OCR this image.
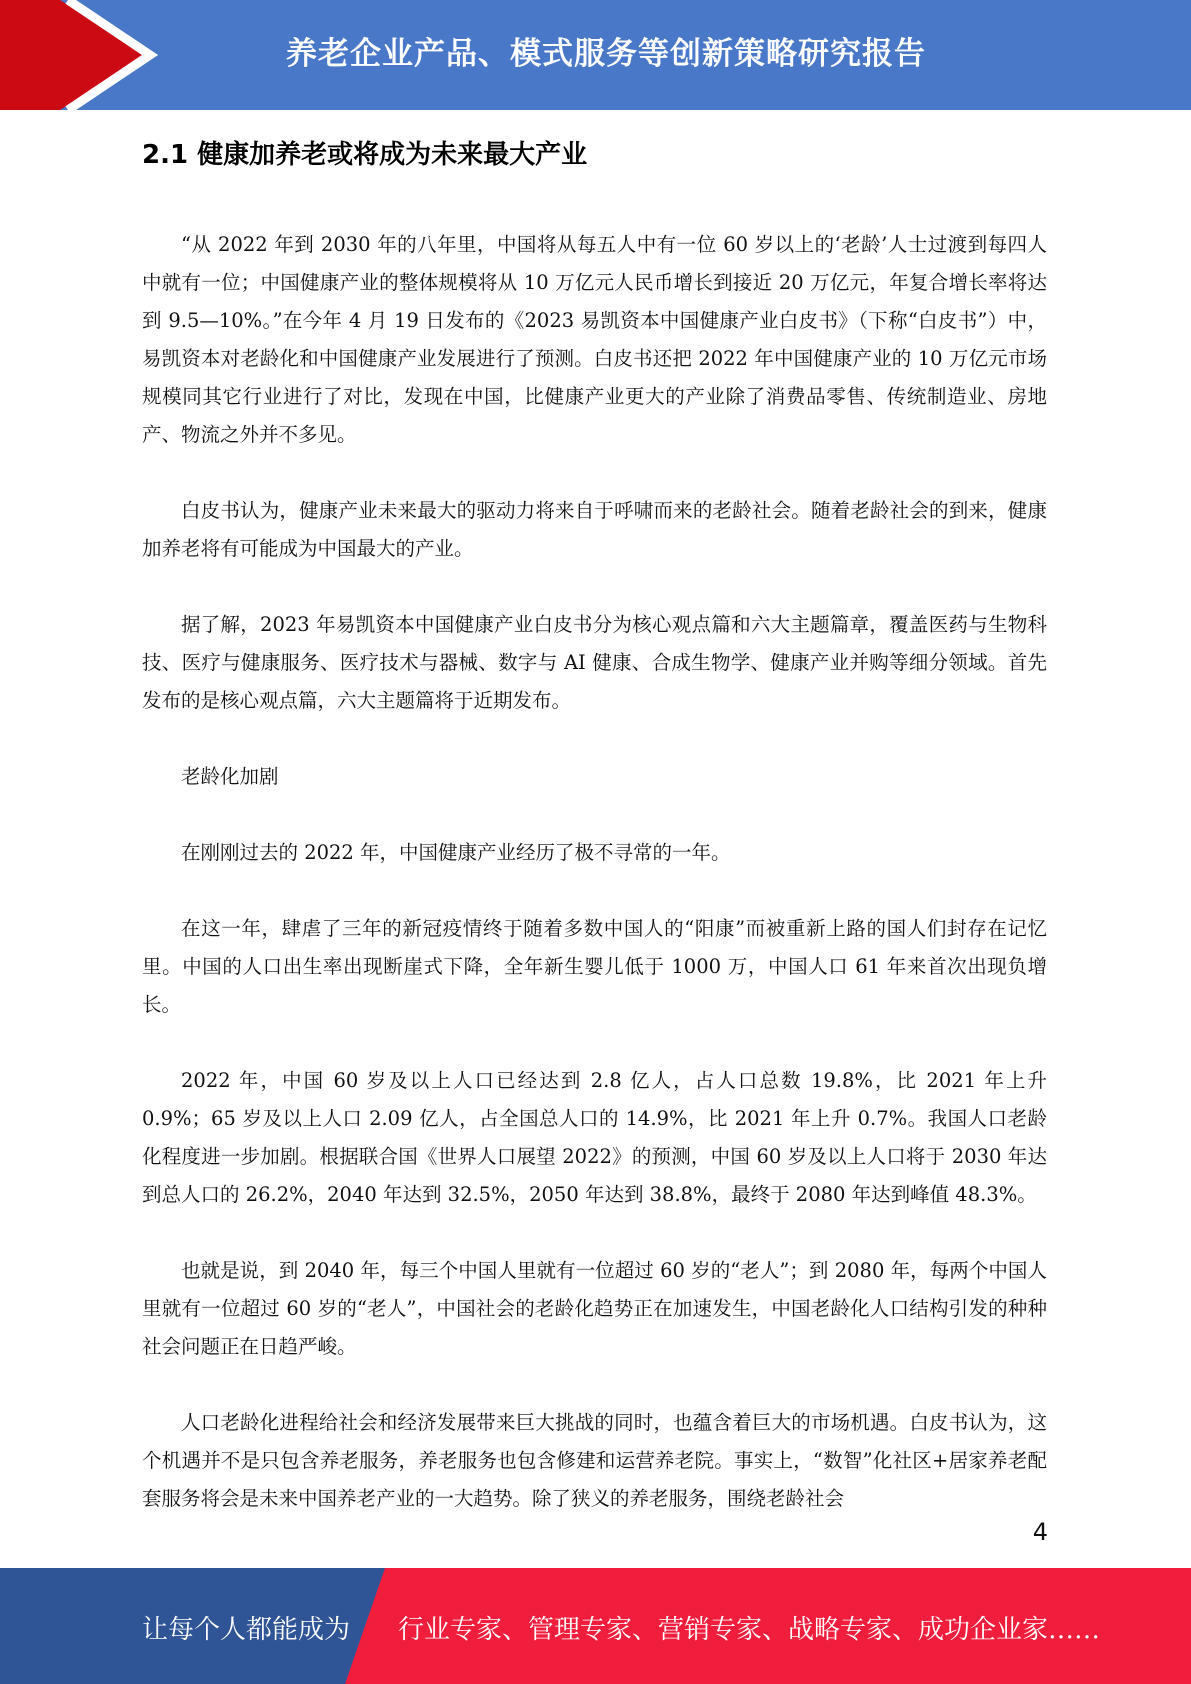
养老企业产品、模式服务等创新策略研究报告
2.1 健康加养老或将成为未来最大产业

“从 2022 年到 2030 年的八年里，中国将从每五人中有一位 60 岁以上的‘老龄’人士过渡到每四人中就有一位；中国健康产业的整体规模将从 10 万亿元人民币增长到接近 20 万亿元，年复合增长率将达到 9.5—10%。”在今年 4 月 19 日发布的《2023 易凯资本中国健康产业白皮书》（下称“白皮书”）中，易凯资本对老龄化和中国健康产业发展进行了预测。白皮书还把 2022 年中国健康产业的 10 万亿元市场规模同其它行业进行了对比，发现在中国，比健康产业更大的产业除了消费品零售、传统制造业、房地产、物流之外并不多见。

白皮书认为，健康产业未来最大的驱动力将来自于呼啸而来的老龄社会。随着老龄社会的到来，健康加养老将有可能成为中国最大的产业。

据了解，2023 年易凯资本中国健康产业白皮书分为核心观点篇和六大主题篇章，覆盖医药与生物科技、医疗与健康服务、医疗技术与器械、数字与 AI 健康、合成生物学、健康产业并购等细分领域。首先发布的是核心观点篇，六大主题篇将于近期发布。

老龄化加剧

在刚刚过去的 2022 年，中国健康产业经历了极不寻常的一年。

在这一年，肆虐了三年的新冠疫情终于随着多数中国人的“阳康”而被重新上路的国人们封存在记忆里。中国的人口出生率出现断崖式下降，全年新生婴儿低于 1000 万，中国人口 61 年来首次出现负增长。

2022 年，中国 60 岁及以上人口已经达到 2.8 亿人，占人口总数 19.8%，比 2021 年上升 0.9%；65 岁及以上人口 2.09 亿人，占全国总人口的 14.9%，比 2021 年上升 0.7%。我国人口老龄化程度进一步加剧。根据联合国《世界人口展望 2022》的预测，中国 60 岁及以上人口将于 2030 年达到总人口的 26.2%，2040 年达到 32.5%，2050 年达到 38.8%，最终于 2080 年达到峰值 48.3%。

也就是说，到 2040 年，每三个中国人里就有一位超过 60 岁的“老人”；到 2080 年，每两个中国人里就有一位超过 60 岁的“老人”，中国社会的老龄化趋势正在加速发生，中国老龄化人口结构引发的种种社会问题正在日趋严峻。

人口老龄化进程给社会和经济发展带来巨大挑战的同时，也蕴含着巨大的市场机遇。白皮书认为，这个机遇并不是只包含养老服务，养老服务也包含修建和运营养老院。事实上，“数智”化社区+居家养老配套服务将会是未来中国养老产业的一大趋势。除了狭义的养老服务，围绕老龄社会

4
让每个人都能成为 行业专家、管理专家、营销专家、战略专家、成功企业家……
